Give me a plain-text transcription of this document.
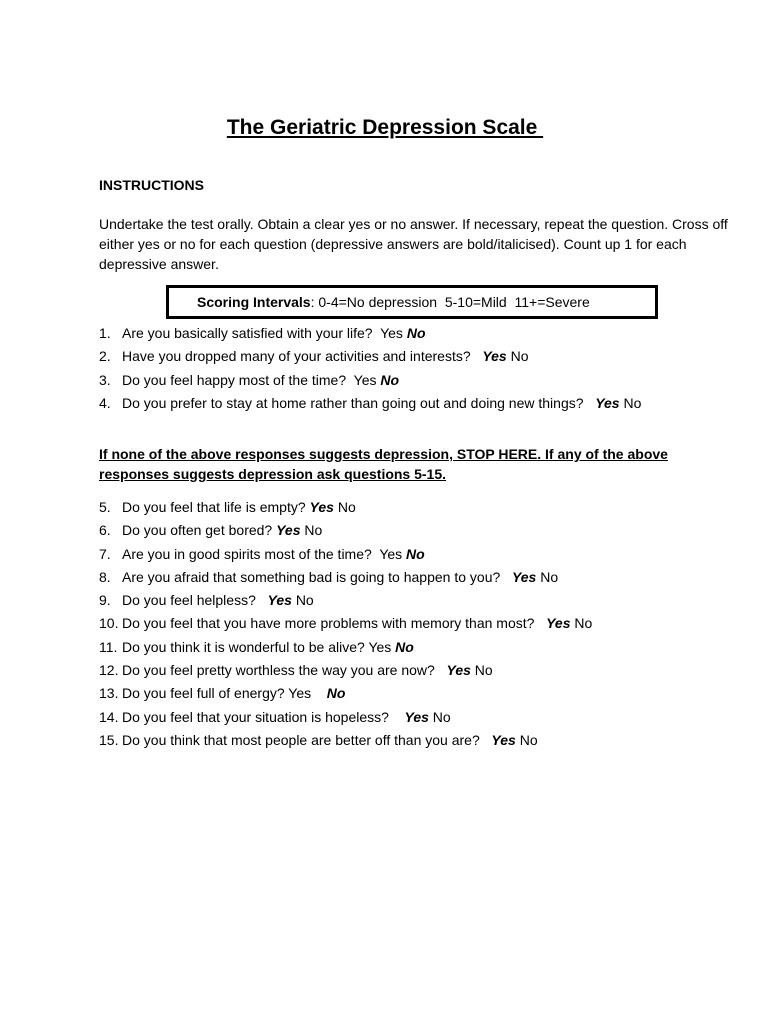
The Geriatric Depression Scale
INSTRUCTIONS

Undertake the test orally. Obtain a clear yes or no answer. If necessary, repeat the question. Cross off either yes or no for each question (depressive answers are bold/italicised). Count up 1 for each depressive answer.

Scoring Intervals: 0-4=No depression  5-10=Mild  11+=Severe
1. Are you basically satisfied with your life?  Yes No
2. Have you dropped many of your activities and interests?   Yes No
3. Do you feel happy most of the time?  Yes No
4. Do you prefer to stay at home rather than going out and doing new things?   Yes No

If none of the above responses suggests depression, STOP HERE. If any of the above responses suggests depression ask questions 5-15.

5. Do you feel that life is empty? Yes No
6. Do you often get bored? Yes No
7. Are you in good spirits most of the time?  Yes No
8. Are you afraid that something bad is going to happen to you?   Yes No
9. Do you feel helpless?   Yes No
10. Do you feel that you have more problems with memory than most?   Yes No
11. Do you think it is wonderful to be alive? Yes No
12. Do you feel pretty worthless the way you are now?   Yes No
13. Do you feel full of energy? Yes No
14. Do you feel that your situation is hopeless?    Yes No
15. Do you think that most people are better off than you are?   Yes No
